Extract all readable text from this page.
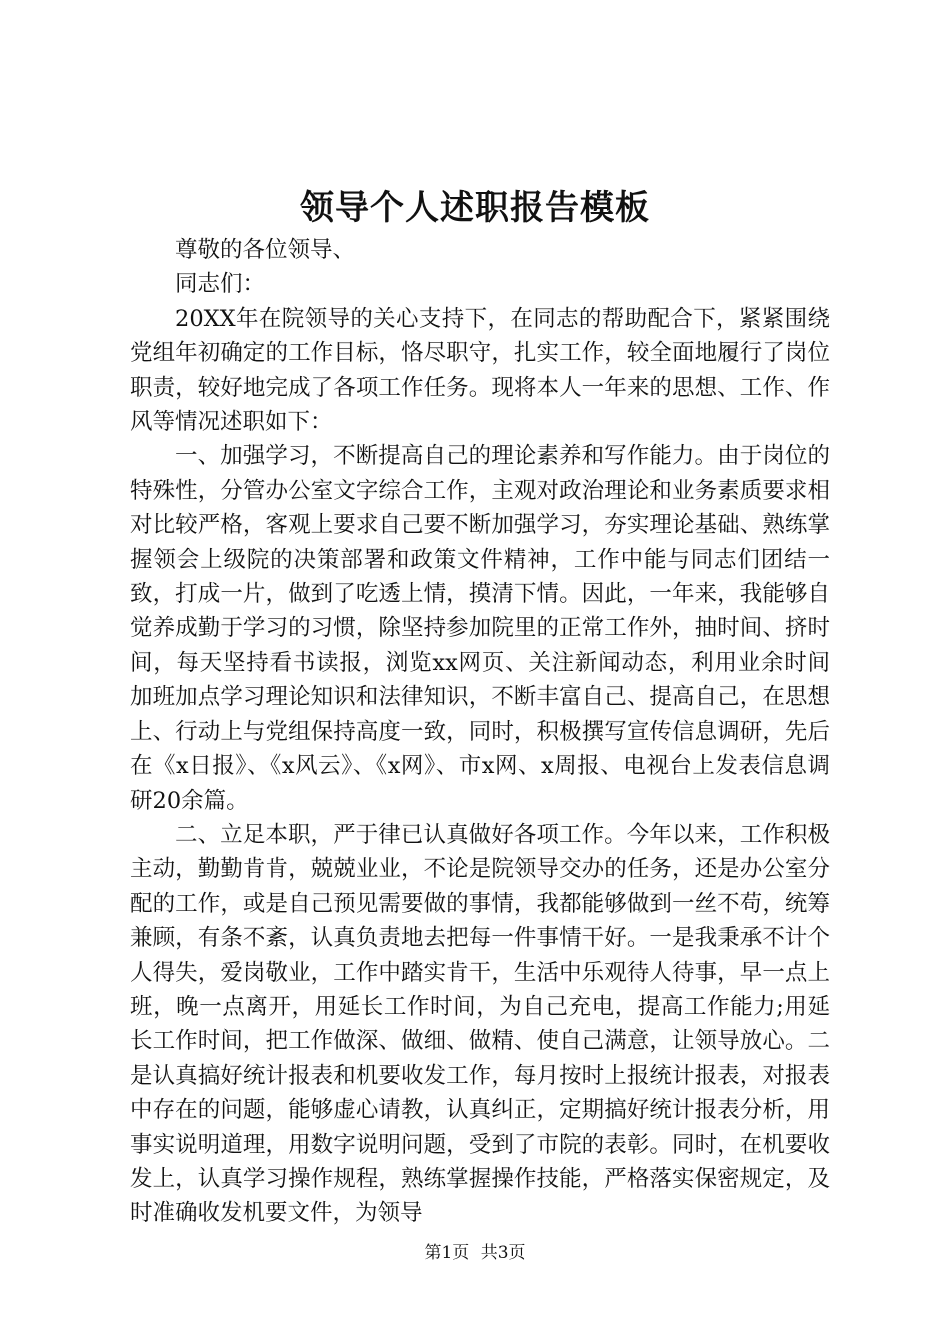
领导个人述职报告模板

尊敬的各位领导、

同志们：

20XX年在院领导的关心支持下，在同志的帮助配合下，紧紧围绕党组年初确定的工作目标，恪尽职守，扎实工作，较全面地履行了岗位职责，较好地完成了各项工作任务。现将本人一年来的思想、工作、作风等情况述职如下：

一、加强学习，不断提高自己的理论素养和写作能力。由于岗位的特殊性，分管办公室文字综合工作，主观对政治理论和业务素质要求相对比较严格，客观上要求自己要不断加强学习，夯实理论基础、熟练掌握领会上级院的决策部署和政策文件精神，工作中能与同志们团结一致，打成一片，做到了吃透上情，摸清下情。因此，一年来，我能够自觉养成勤于学习的习惯，除坚持参加院里的正常工作外，抽时间、挤时间，每天坚持看书读报，浏览xx网页、关注新闻动态，利用业余时间加班加点学习理论知识和法律知识，不断丰富自己、提高自己，在思想上、行动上与党组保持高度一致，同时，积极撰写宣传信息调研，先后在《x日报》、《x风云》、《x网》、市x网、x周报、电视台上发表信息调研20余篇。

二、立足本职，严于律已认真做好各项工作。今年以来，工作积极主动，勤勤肯肯，兢兢业业，不论是院领导交办的任务，还是办公室分配的工作，或是自己预见需要做的事情，我都能够做到一丝不苟，统筹兼顾，有条不紊，认真负责地去把每一件事情干好。一是我秉承不计个人得失，爱岗敬业，工作中踏实肯干，生活中乐观待人待事，早一点上班，晚一点离开，用延长工作时间，为自己充电，提高工作能力;用延长工作时间，把工作做深、做细、做精、使自己满意，让领导放心。二是认真搞好统计报表和机要收发工作，每月按时上报统计报表，对报表中存在的问题，能够虚心请教，认真纠正，定期搞好统计报表分析，用事实说明道理，用数字说明问题，受到了市院的表彰。同时，在机要收发上，认真学习操作规程，熟练掌握操作技能，严格落实保密规定，及时准确收发机要文件，为领导

第1页 共3页
